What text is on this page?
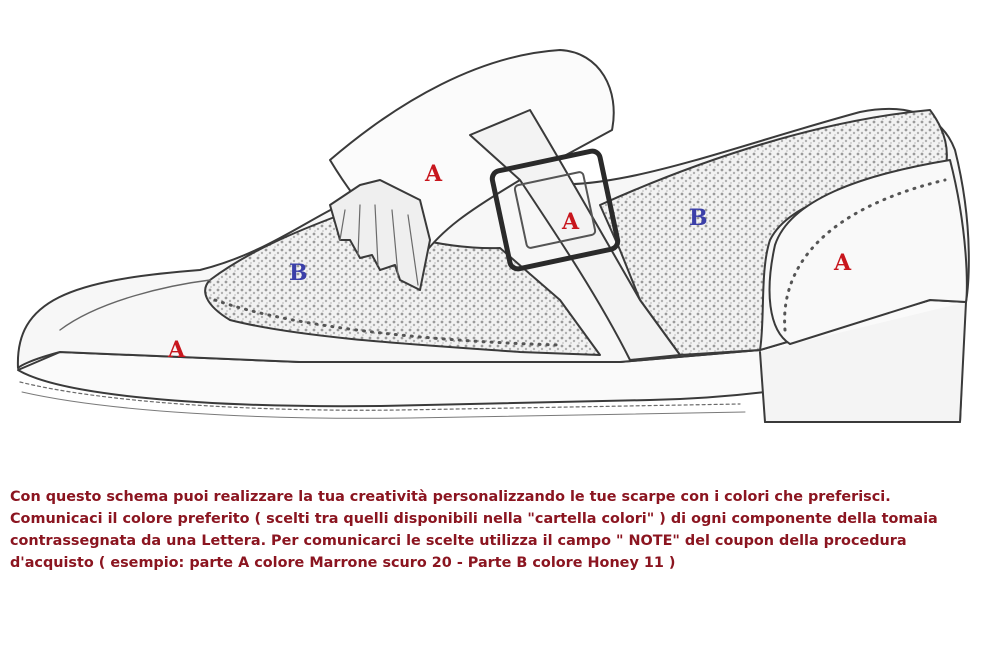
A
B
A
A	B
A

Con questo schema puoi realizzare la tua creatività personalizzando le tue scarpe con i colori che preferisci. Comunicaci il colore preferito ( scelti tra quelli disponibili nella "cartella colori" ) di ogni componente della tomaia contrassegnata da una Lettera. Per comunicarci le scelte utilizza il campo " NOTE" del coupon della procedura d'acquisto ( esempio: parte A colore Marrone scuro 20 - Parte B colore Honey 11 )
